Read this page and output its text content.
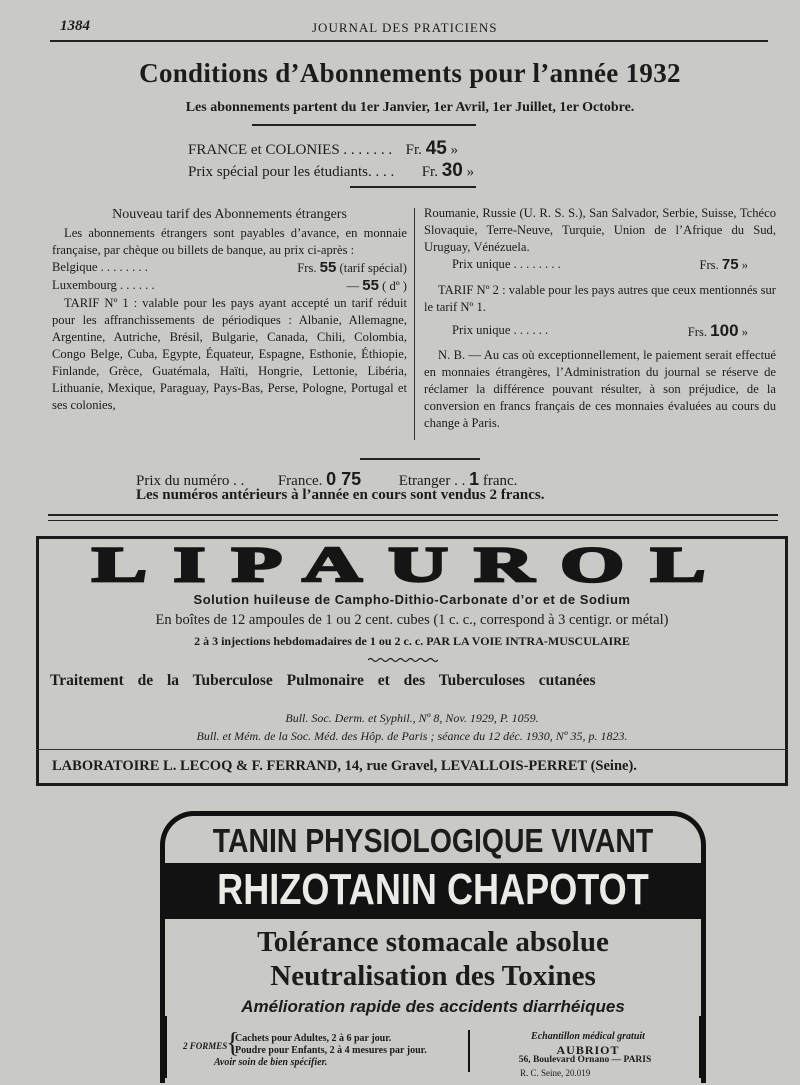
1384	JOURNAL DES PRATICIENS
Conditions d’Abonnements pour l’année 1932
Les abonnements partent du 1er Janvier, 1er Avril, 1er Juillet, 1er Octobre.
FRANCE et COLONIES . . . . . . . Fr. 45 »
Prix spécial pour les étudiants. . . . Fr. 30 »

Nouveau tarif des Abonnements étrangers

Les abonnements étrangers sont payables d’avance, en monnaie française, par chèque ou billets de banque, au prix ci-après :

Belgique . . . . . . . .	Frs. 55 (tarif spécial)
Luxembourg . . . . . .	— 55 ( dº )

TARIF Nº 1 : valable pour les pays ayant accepté un tarif réduit pour les affranchissements de périodiques : Albanie, Allemagne, Argentine, Autriche, Brésil, Bulgarie, Canada, Chili, Colombia, Congo Belge, Cuba, Egypte, Équateur, Espagne, Esthonie, Éthiopie, Finlande, Grèce, Guatémala, Haïti, Hongrie, Lettonie, Libéria, Lithuanie, Mexique, Paraguay, Pays-Bas, Perse, Pologne, Portugal et ses colonies,

Roumanie, Russie (U. R. S. S.), San Salvador, Serbie, Suisse, Tchéco Slovaquie, Terre-Neuve, Turquie, Union de l’Afrique du Sud, Uruguay, Vénézuela.

Prix unique . . . . . . . .	Frs. 75 »

TARIF Nº 2 : valable pour les pays autres que ceux mentionnés sur le tarif Nº 1.

Prix unique . . . . . .	Frs. 100 »

N. B. — Au cas où exceptionnellement, le paiement serait effectué en monnaies étrangères, l’Administration du journal se réserve de réclamer la différence pouvant résulter, à son préjudice, de la conversion en francs français de ces monnaies évaluées au cours du change à Paris.

Prix du numéro . . France. 0 75	Etranger . . 1 franc.
Les numéros antérieurs à l’année en cours sont vendus 2 francs.
LIPAUROL
Solution huileuse de Campho-Dithio-Carbonate d’or et de Sodium
En boîtes de 12 ampoules de 1 ou 2 cent. cubes (1 c. c., correspond à 3 centigr. or métal)
2 à 3 injections hebdomadaires de 1 ou 2 c. c. PAR LA VOIE INTRA-MUSCULAIRE
Traitement de la Tuberculose Pulmonaire et des Tuberculoses cutanées
Bull. Soc. Derm. et Syphil., Nº 8, Nov. 1929, P. 1059.
Bull. et Mém. de la Soc. Méd. des Hôp. de Paris ; séance du 12 déc. 1930, Nº 35, p. 1823.
LABORATOIRE L. LECOQ & F. FERRAND, 14, rue Gravel, LEVALLOIS-PERRET (Seine).
TANIN PHYSIOLOGIQUE VIVANT
RHIZOTANIN CHAPOTOT
Tolérance stomacale absolue
Neutralisation des Toxines
Amélioration rapide des accidents diarrhéiques
2 FORMES
{
Cachets pour Adultes, 2 à 6 par jour.
Poudre pour Enfants, 2 à 4 mesures par jour.
Avoir soin de bien spécifier.
Echantillon médical gratuit
AUBRIOT
56, Boulevard Ornano — PARIS
R. C. Seine, 20.019
